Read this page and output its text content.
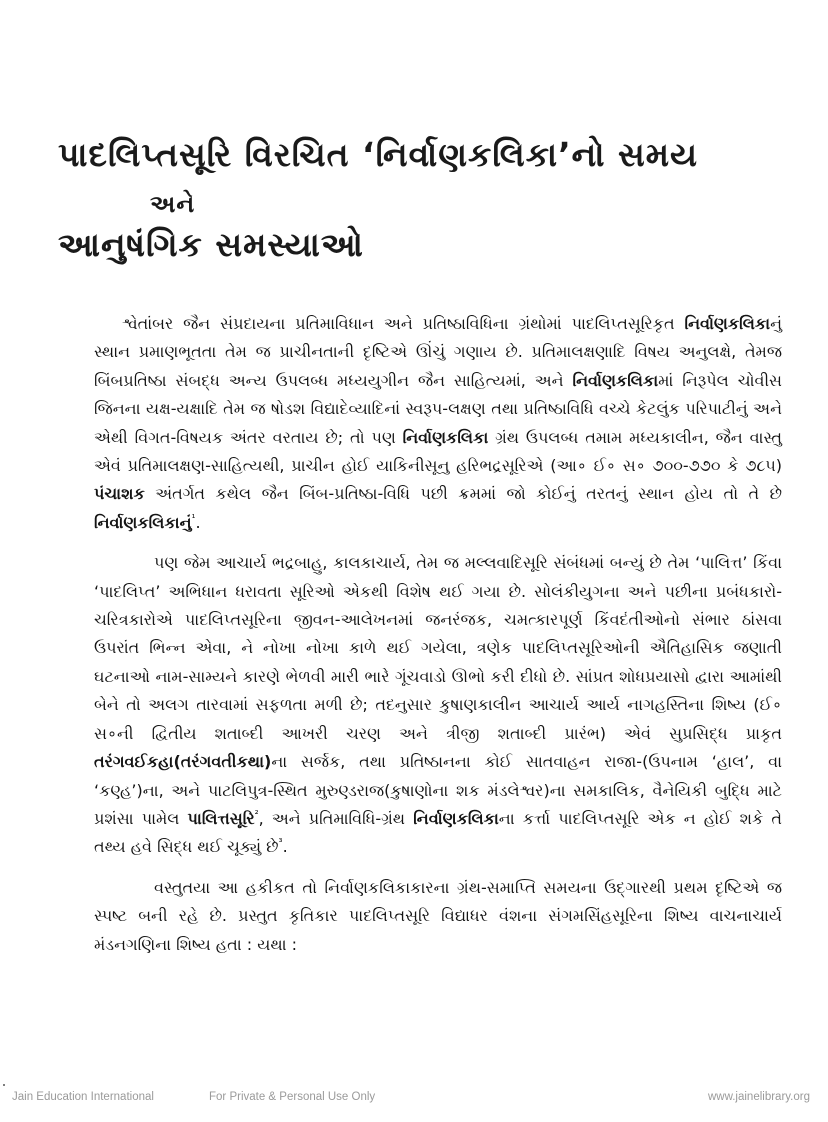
પાદલિપ્તસૂરિ વિરચિત ‘નિર્વાણકલિકા’નો સમય
અને
આનુષંગિક સમસ્યાઓ

શ્વેતાંબર જૈન સંપ્રદાયના પ્રતિમાવિધાન અને પ્રતિષ્ઠાવિધિના ગ્રંથોમાં પાદલિપ્તસૂરિકૃત નિર્વાણકલિકાનું સ્થાન પ્રમાણભૂતતા તેમ જ પ્રાચીનતાની દૃષ્ટિએ ઊંચું ગણાય છે. પ્રતિમાલક્ષણાદિ વિષય અનુલક્ષે, તેમજ બિંબપ્રતિષ્ઠા સંબદ્ધ અન્ય ઉપલબ્ધ મધ્યયુગીન જૈન સાહિત્યમાં, અને નિર્વાણકલિકામાં નિરૂપેલ ચોવીસ જિનના યક્ષ-યક્ષાદિ તેમ જ ષોડશ વિદ્યાદેવ્યાદિનાં સ્વરૂપ-લક્ષણ તથા પ્રતિષ્ઠાવિધિ વચ્ચે કેટલુંક પરિપાટીનું અને એથી વિગત-વિષયક અંતર વરતાય છે; તો પણ નિર્વાણકલિકા ગ્રંથ ઉપલબ્ધ તમામ મધ્યકાલીન, જૈન વાસ્તુ એવં પ્રતિમાલક્ષણ-સાહિત્યથી, પ્રાચીન હોઈ યાકિનીસૂનુ હરિભદ્રસૂરિએ (આ∘ ઈ∘ સ∘ ૭૦૦-૭૭૦ કે ૭૮૫) પંચાશક અંતર્ગત કથેલ જૈન બિંબ-પ્રતિષ્ઠા-વિધિ પછી ક્રમમાં જો કોઈનું તરતનું સ્થાન હોય તો તે છે નિર્વાણકલિકાનું$^{^1}$.

પણ જેમ આચાર્ય ભદ્રબાહુ, કાલકાચાર્ય, તેમ જ મલ્લવાદિસૂરિ સંબંધમાં બન્યું છે તેમ ‘પાલિત્ત’ કિંવા ‘પાદલિપ્ત’ અભિધાન ધરાવતા સૂરિઓ એકથી વિશેષ થઈ ગયા છે. સોલંકીયુગના અને પછીના પ્રબંધકારો-ચરિત્રકારોએ પાદલિપ્તસૂરિના જીવન-આલેખનમાં જનરંજક, ચમત્કારપૂર્ણ કિંવદંતીઓનો સંભાર ઠાંસવા ઉપરાંત ભિન્ન એવા, ને નોખા નોખા કાળે થઈ ગયેલા, ત્રણેક પાદલિપ્તસૂરિઓની ઐતિહાસિક જણાતી ઘટનાઓ નામ-સામ્યને કારણે ભેળવી મારી ભારે ગૂંચવાડો ઊભો કરી દીધો છે. સાંપ્રત શોધપ્રયાસો દ્વારા આમાંથી બેને તો અલગ તારવામાં સફળતા મળી છે; તદનુસાર કુષાણકાલીન આચાર્ય આર્ય નાગહસ્તિના શિષ્ય (ઈ∘ સ∘ની દ્વિતીય શતાબ્દી આખરી ચરણ અને ત્રીજી શતાબ્દી પ્રારંભ) એવં સુપ્રસિદ્ધ પ્રાકૃત તરંગવઈકહા(તરંગવતીકથા)ના સર્જક, તથા પ્રતિષ્ઠાનના કોઈ સાતવાહન રાજા-(ઉપનામ ‘હાલ’, વા ‘કણ્હ’)ના, અને પાટલિપુત્ર-સ્થિત મુરુણ્ડરાજ(કુષાણોના શક મંડલેશ્વર)ના સમકાલિક, વૈનેયિકી બુદ્ધિ માટે પ્રશંસા પામેલ પાલિત્તસૂરિ$^{^2}$, અને પ્રતિમાવિધિ-ગ્રંથ નિર્વાણકલિકાના કર્ત્તા પાદલિપ્તસૂરિ એક ન હોઈ શકે તે તથ્ય હવે સિદ્ધ થઈ ચૂક્યું છે$^{^3}$.

વસ્તુતયા આ હકીકત તો નિર્વાણકલિકાકારના ગ્રંથ-સમાપ્તિ સમયના ઉદ્ગારથી પ્રથમ દૃષ્ટિએ જ સ્પષ્ટ બની રહે છે. પ્રસ્તુત કૃતિકાર પાદલિપ્તસૂરિ વિદ્યાધર વંશના સંગમસિંહસૂરિના શિષ્ય વાચનાચાર્ય મંડનગણિના શિષ્ય હતા : યથા :

Jain Education International	For Private & Personal Use Only	www.jainelibrary.org
